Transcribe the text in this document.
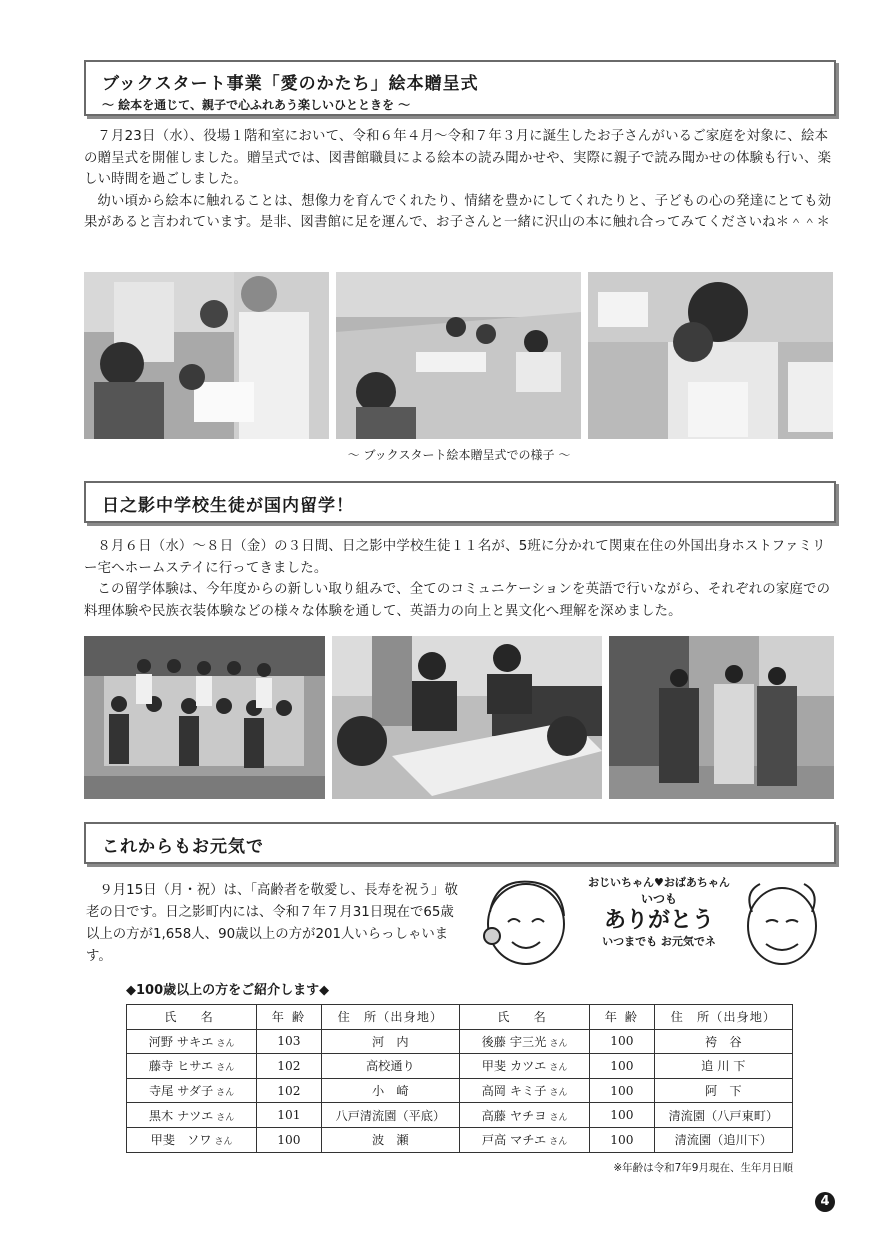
ブックスタート事業「愛のかたち」絵本贈呈式
～ 絵本を通じて、親子で心ふれあう楽しいひとときを ～

７月23日（水）、役場１階和室において、令和６年４月～令和７年３月に誕生したお子さんがいるご家庭を対象に、絵本の贈呈式を開催しました。贈呈式では、図書館職員による絵本の読み聞かせや、実際に親子で読み聞かせの体験も行い、楽しい時間を過ごしました。

幼い頃から絵本に触れることは、想像力を育んでくれたり、情緒を豊かにしてくれたりと、子どもの心の発達にとても効果があると言われています。是非、図書館に足を運んで、お子さんと一緒に沢山の本に触れ合ってみてくださいね＊＾＾＊

～ ブックスタート絵本贈呈式での様子 ～
日之影中学校生徒が国内留学！

８月６日（水）～８日（金）の３日間、日之影中学校生徒１１名が、5班に分かれて関東在住の外国出身ホストファミリー宅へホームステイに行ってきました。

この留学体験は、今年度からの新しい取り組みで、全てのコミュニケーションを英語で行いながら、それぞれの家庭での料理体験や民族衣装体験などの様々な体験を通して、英語力の向上と異文化へ理解を深めました。

これからもお元気で

９月15日（月・祝）は、「高齢者を敬愛し、長寿を祝う」敬老の日です。日之影町内には、令和７年７月31日現在で65歳以上の方が1,658人、90歳以上の方が201人いらっしゃいます。

おじいちゃん♥おばあちゃん
いつも
ありがとう
いつまでも お元気でネ
◆100歳以上の方をご紹介します◆
氏　名	年 齢	住　所（出身地）	氏　名	年 齢	住　所（出身地）
河野 サキエ さん	103	河　内	後藤 宇三光 さん	100	袴　谷
藤寺 ヒサエ さん	102	高校通り	甲斐 カツエ さん	100	追 川 下
寺尾 サダ子 さん	102	小　崎	高岡 キミ子 さん	100	阿　下
黒木 ナツエ さん	101	八戸清流園（平底）	高藤 ヤチヨ さん	100	清流園（八戸東町）
甲斐　ソワ さん	100	波　瀬	戸高 マチエ さん	100	清流園（追川下）
※年齢は令和7年9月現在、生年月日順
4
